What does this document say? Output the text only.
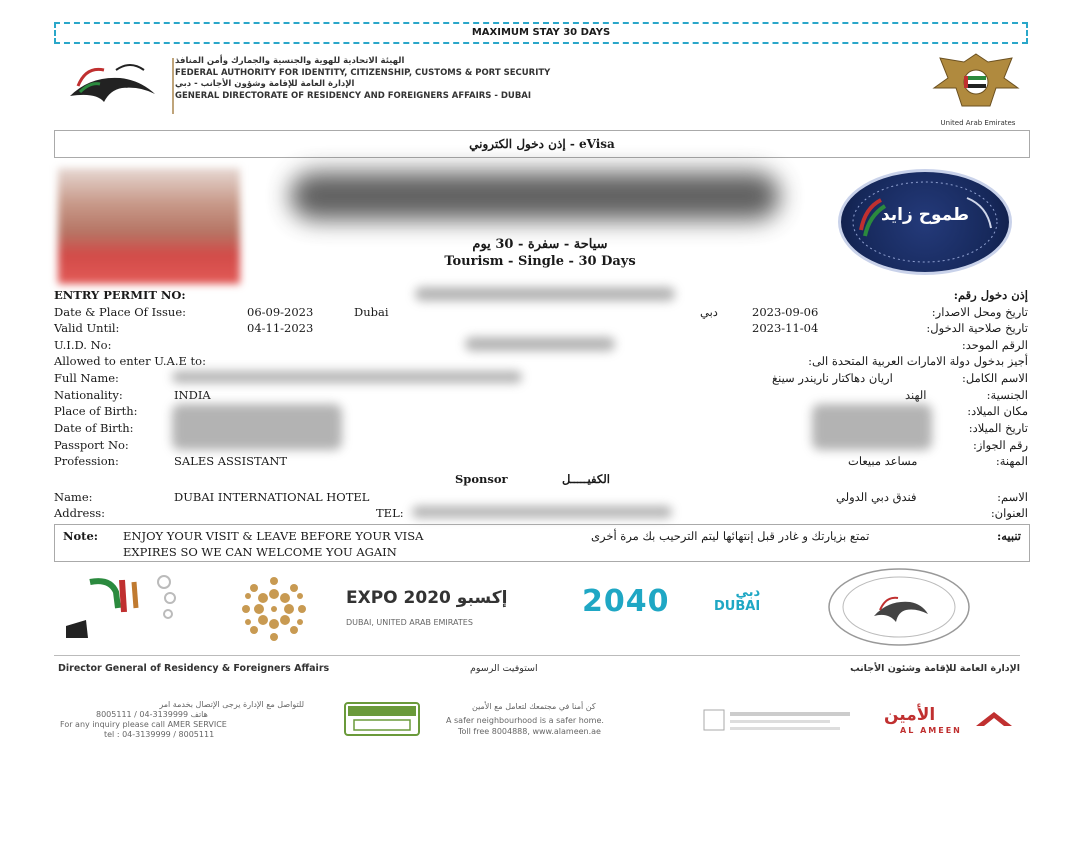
MAXIMUM STAY 30 DAYS
الهيئة الاتحادية للهوية والجنسية والجمارك وأمن المنافذ
FEDERAL AUTHORITY FOR IDENTITY, CITIZENSHIP, CUSTOMS & PORT SECURITY
الإدارة العامة للإقامة وشؤون الأجانب - دبي
GENERAL DIRECTORATE OF RESIDENCY AND FOREIGNERS AFFAIRS - DUBAI
United Arab Emirates
إذن دخول الكتروني - eVisa
طموح زايد
سياحة - سفرة - 30 يوم
Tourism - Single - 30 Days
ENTRY PERMIT NO:	إذن دخول رقم:
Date & Place Of Issue:	06-09-2023	Dubai	دبي	2023-09-06	تاريخ ومحل الاصدار:
Valid Until:	04-11-2023	2023-11-04	تاريخ صلاحية الدخول:
U.I.D. No:	الرقم الموحد:
Allowed to enter U.A.E to:	أجيز بدخول دولة الامارات العربية المتحدة الى:
Full Name:	اريان دهاكتار ناريندر سينغ	الاسم الكامل:
Nationality:	INDIA	الهند	الجنسية:
Place of Birth:	مكان الميلاد:
Date of Birth:	تاريخ الميلاد:
Passport No:	رقم الجواز:
Profession:	SALES ASSISTANT	مساعد مبيعات	المهنة:
Sponsor	الكفيـــــل
Name:	DUBAI INTERNATIONAL HOTEL	فندق دبي الدولي	الاسم:
Address:	TEL:	العنوان:
Note: ENJOY YOUR VISIT & LEAVE BEFORE YOUR VISA
EXPIRES SO WE CAN WELCOME YOU AGAIN
تمتع بزيارتك و غادر قبل إنتهائها ليتم الترحيب بك مرة أخرى	تنبيه:
EXPO 2020 إكسبو
DUBAI, UNITED ARAB EMIRATES
2040	دبي
DUBAI
Director General of Residency & Foreigners Affairs	استوفيت الرسوم	الإدارة العامة للإقامة وشئون الأجانب
للتواصل مع الإدارة يرجى الإتصال بخدمة امر
8005111 / 04-3139999 هاتف
For any inquiry please call AMER SERVICE
tel : 04-3139999 / 8005111
كن أمنا في مجتمعك لتعامل مع الأمين
A safer neighbourhood is a safer home.
Toll free 8004888, www.alameen.ae
الأمين
AL AMEEN
